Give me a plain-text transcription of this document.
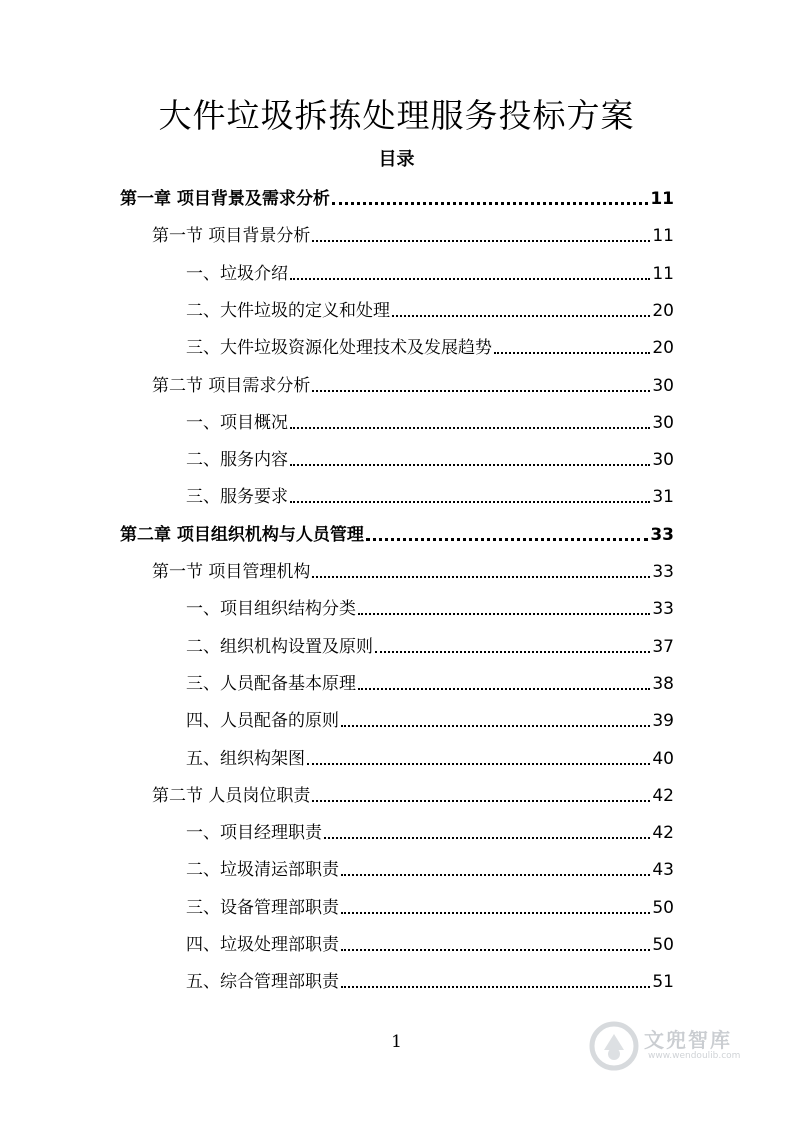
大件垃圾拆拣处理服务投标方案
目录
第一章 项目背景及需求分析	11
第一节 项目背景分析	11
一、垃圾介绍	11
二、大件垃圾的定义和处理	20
三、大件垃圾资源化处理技术及发展趋势	20
第二节 项目需求分析	30
一、项目概况	30
二、服务内容	30
三、服务要求	31
第二章 项目组织机构与人员管理	33
第一节 项目管理机构	33
一、项目组织结构分类	33
二、组织机构设置及原则	37
三、人员配备基本原理	38
四、人员配备的原则	39
五、组织构架图	40
第二节 人员岗位职责	42
一、项目经理职责	42
二、垃圾清运部职责	43
三、设备管理部职责	50
四、垃圾处理部职责	50
五、综合管理部职责	51
1	文兜智库
www.wendoulib.com
